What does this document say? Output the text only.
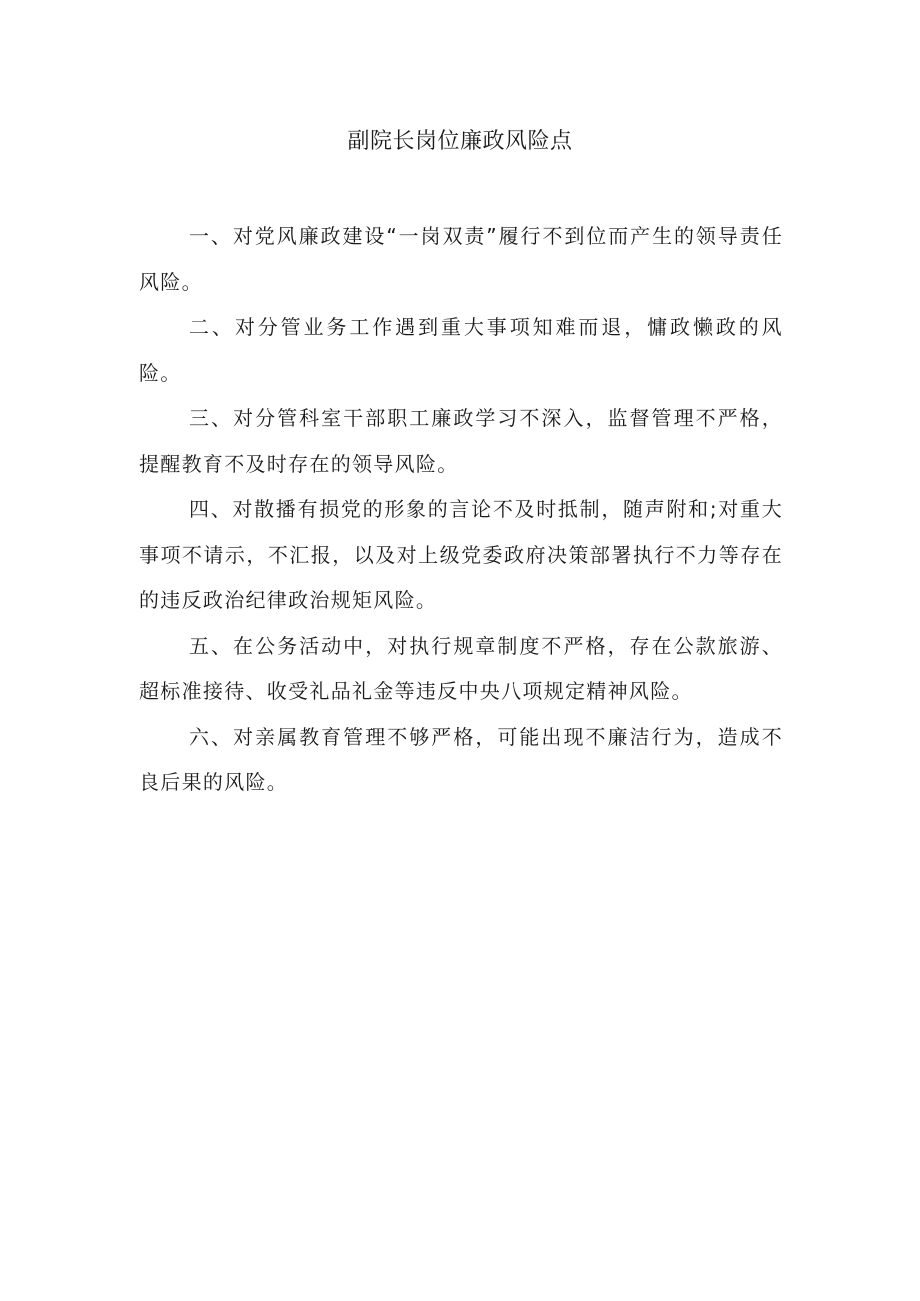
副院长岗位廉政风险点

一、对党风廉政建设“一岗双责”履行不到位而产生的领导责任风险。

二、对分管业务工作遇到重大事项知难而退，慵政懒政的风险。

三、对分管科室干部职工廉政学习不深入，监督管理不严格，提醒教育不及时存在的领导风险。

四、对散播有损党的形象的言论不及时抵制，随声附和;对重大事项不请示，不汇报，以及对上级党委政府决策部署执行不力等存在的违反政治纪律政治规矩风险。

五、在公务活动中，对执行规章制度不严格，存在公款旅游、超标准接待、收受礼品礼金等违反中央八项规定精神风险。

六、对亲属教育管理不够严格，可能出现不廉洁行为，造成不良后果的风险。
